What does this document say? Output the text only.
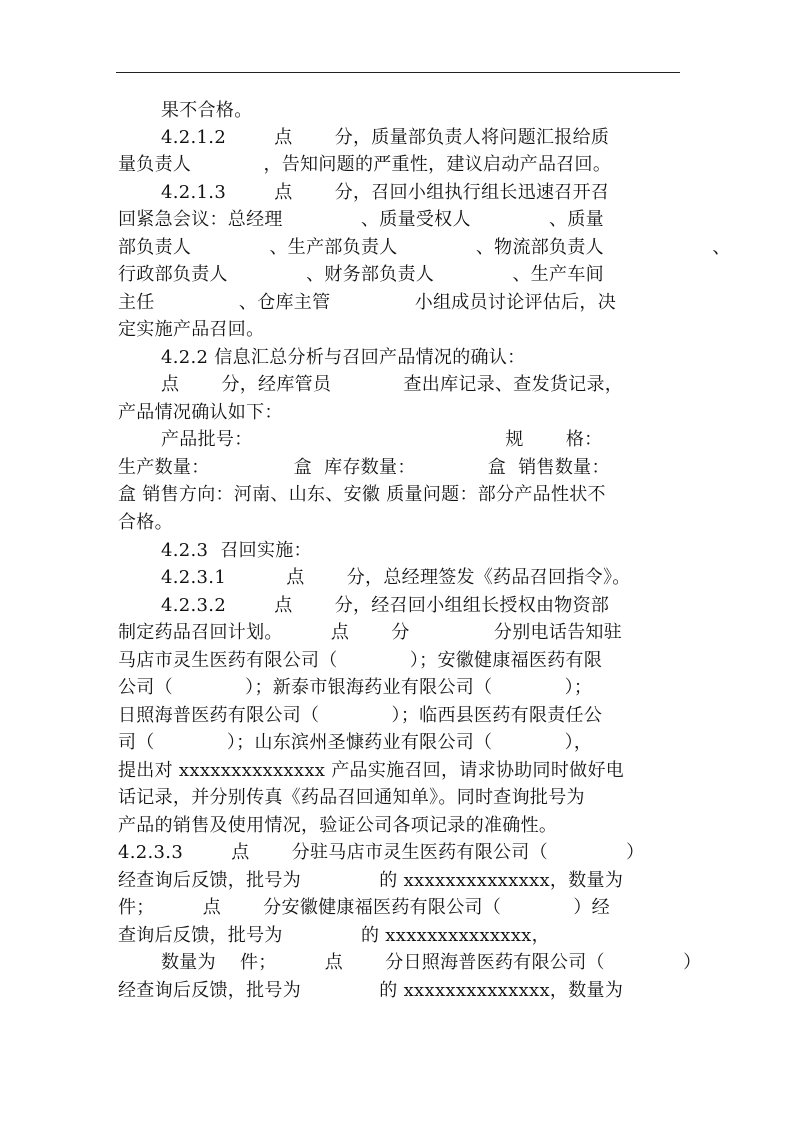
果不合格。
4.2.1.2        点       分，质量部负责人将问题汇报给质
量负责人            ，告知问题的严重性，建议启动产品召回。
4.2.1.3        点       分，召回小组执行组长迅速召开召
回紧急会议：总经理             、质量受权人             、质量
部负责人             、生产部负责人             、物流部负责人                  、
行政部负责人             、财务部负责人             、生产车间
主任              、仓库主管              小组成员讨论评估后，决
定实施产品召回。
4.2.2 信息汇总分析与召回产品情况的确认：
点       分，经库管员            查出库记录、查发货记录，
产品情况确认如下：
产品批号：                                          规       格：
生产数量：              盒  库存数量：            盒  销售数量：
盒 销售方向：河南、山东、安徽 质量问题：部分产品性状不
合格。
4.2.3  召回实施：
4.2.3.1          点       分，总经理签发《药品召回指令》。
4.2.3.2        点       分，经召回小组组长授权由物资部
制定药品召回计划。        点       分              分别电话告知驻
马店市灵生医药有限公司（            ）；安徽健康福医药有限
公司（            ）；新泰市银海药业有限公司（            ）；
日照海普医药有限公司（            ）；临西县医药有限责任公
司（            ）；山东滨州圣慷药业有限公司（            ），
提出对 xxxxxxxxxxxxxx 产品实施召回，请求协助同时做好电
话记录，并分别传真《药品召回通知单》。同时查询批号为
产品的销售及使用情况，验证公司各项记录的准确性。
4.2.3.3        点       分驻马店市灵生医药有限公司（             ）
经查询后反馈，批号为             的 xxxxxxxxxxxxxx，数量为
件；        点       分安徽健康福医药有限公司（            ）经
查询后反馈，批号为             的 xxxxxxxxxxxxxx，
数量为    件；        点       分日照海普医药有限公司（             ）
经查询后反馈，批号为             的 xxxxxxxxxxxxxx，数量为
